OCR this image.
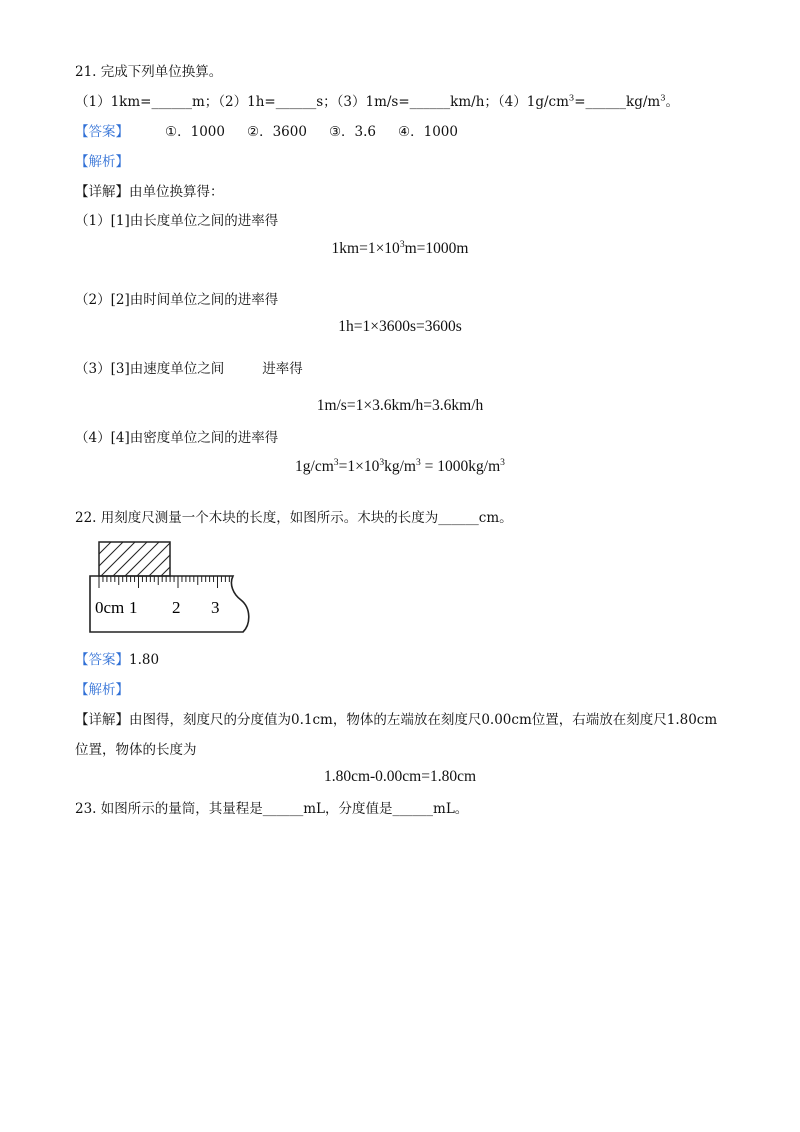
21. 完成下列单位换算。
（1）1km=______m；（2）1h=______s；（3）1m/s=______km/h；$(4)1g/cm^3=\_\_\_\_\_\_kg/m^3$。
【答案】	①．1000 ②．3600 ③．3.6 ④．1000
【解析】
【详解】由单位换算得：
（1）[1]由长度单位之间的进率得
$1km=1\times 10^3m=1000m$
（2）[2]由时间单位之间的进率得
1h=1×3600s=3600s
（3）[3]由速度单位之间	进率得
1m/s=1×3.6km/h=3.6km/h
（4）[4]由密度单位之间的进率得
$1g/cm^3=1\times 10^3kg/m^3 = 1000kg/m^3$
22. 用刻度尺测量一个木块的长度，如图所示。木块的长度为______cm。
0cm 1 2 3
【答案】1.80
【解析】
【详解】由图得，刻度尺的分度值为0.1cm，物体的左端放在刻度尺0.00cm位置，右端放在刻度尺1.80cm
位置，物体的长度为
1.80cm-0.00cm=1.80cm
23. 如图所示的量筒，其量程是______mL，分度值是______mL。
